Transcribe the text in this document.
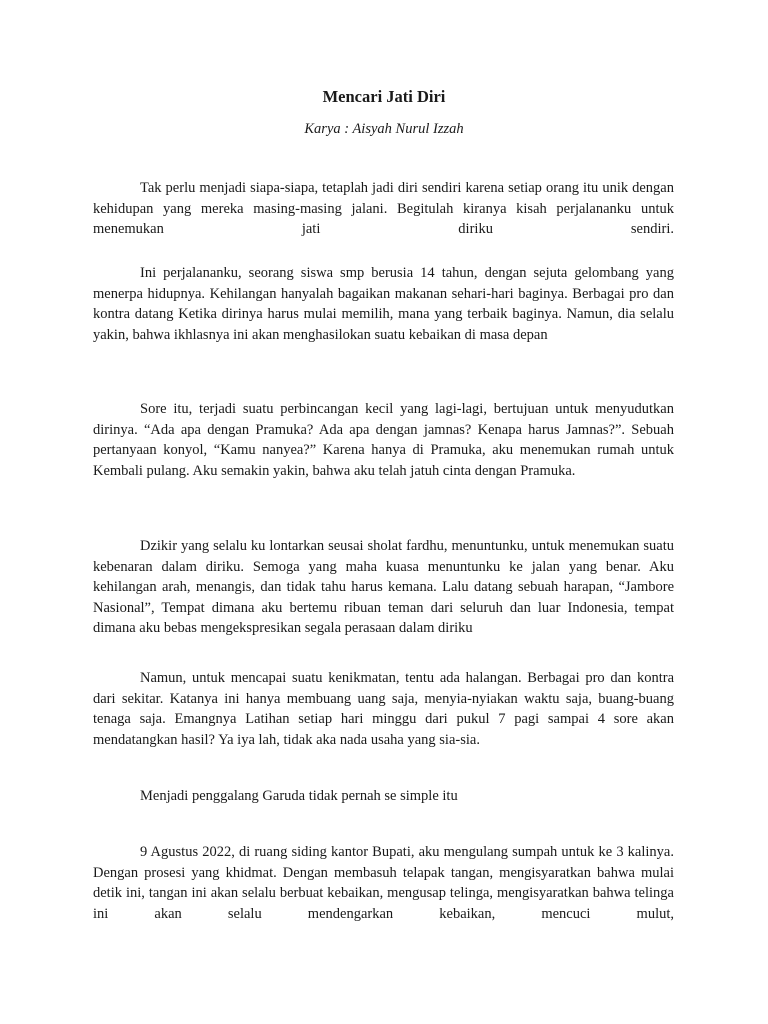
Mencari Jati Diri

Karya : Aisyah Nurul Izzah

Tak perlu menjadi siapa-siapa, tetaplah jadi diri sendiri karena setiap orang itu unik dengan kehidupan yang mereka masing-masing jalani. Begitulah kiranya kisah perjalananku untuk menemukan jati diriku sendiri.

Ini perjalananku, seorang siswa smp berusia 14 tahun, dengan sejuta gelombang yang menerpa hidupnya. Kehilangan hanyalah bagaikan makanan sehari-hari baginya. Berbagai pro dan kontra datang Ketika dirinya harus mulai memilih, mana yang terbaik baginya. Namun, dia selalu yakin, bahwa ikhlasnya ini akan menghasilokan suatu kebaikan di masa depan

Sore itu, terjadi suatu perbincangan kecil yang lagi-lagi, bertujuan untuk menyudutkan dirinya. “Ada apa dengan Pramuka? Ada apa dengan jamnas? Kenapa harus Jamnas?”. Sebuah pertanyaan konyol, “Kamu nanyea?” Karena hanya di Pramuka, aku menemukan rumah untuk Kembali pulang. Aku semakin yakin, bahwa aku telah jatuh cinta dengan Pramuka.

Dzikir yang selalu ku lontarkan seusai sholat fardhu, menuntunku, untuk menemukan suatu kebenaran dalam diriku. Semoga yang maha kuasa menuntunku ke jalan yang benar. Aku kehilangan arah, menangis, dan tidak tahu harus kemana. Lalu datang sebuah harapan, “Jambore Nasional”, Tempat dimana aku bertemu ribuan teman dari seluruh dan luar Indonesia, tempat dimana aku bebas mengekspresikan segala perasaan dalam diriku

Namun, untuk mencapai suatu kenikmatan, tentu ada halangan. Berbagai pro dan kontra dari sekitar. Katanya ini hanya membuang uang saja, menyia-nyiakan waktu saja, buang-buang tenaga saja. Emangnya Latihan setiap hari minggu dari pukul 7 pagi sampai 4 sore akan mendatangkan hasil? Ya iya lah, tidak aka nada usaha yang sia-sia.

Menjadi penggalang Garuda tidak pernah se simple itu

9 Agustus 2022, di ruang siding kantor Bupati, aku mengulang sumpah untuk ke 3 kalinya. Dengan prosesi yang khidmat. Dengan membasuh telapak tangan, mengisyaratkan bahwa mulai detik ini, tangan ini akan selalu berbuat kebaikan, mengusap telinga, mengisyaratkan bahwa telinga ini akan selalu mendengarkan kebaikan, mencuci mulut,
